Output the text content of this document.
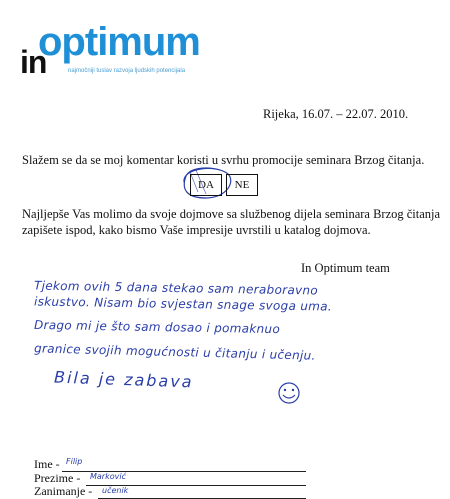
optimum
in	najmočniji tuslav razvoja ljudskih potencijala
Rijeka, 16.07. – 22.07. 2010.
Slažem se da se moj komentar koristi u svrhu promocije seminara Brzog čitanja.
DA	NE
Najljepše Vas molimo da svoje dojmove sa službenog dijela seminara Brzog čitanja zapišete ispod, kako bismo Vaše impresije uvrstili u katalog dojmova.
In Optimum team
Tjekom ovih 5 dana stekao sam neraboravno
iskustvo. Nisam bio svjestan snage svoga uma.
Drago mi je što sam dosao i pomaknuo
granice svojih mogućnosti u čitanju i učenju.
Bila je zabava
Ime - Filip
Prezime - Marković
Zanimanje - učenik
